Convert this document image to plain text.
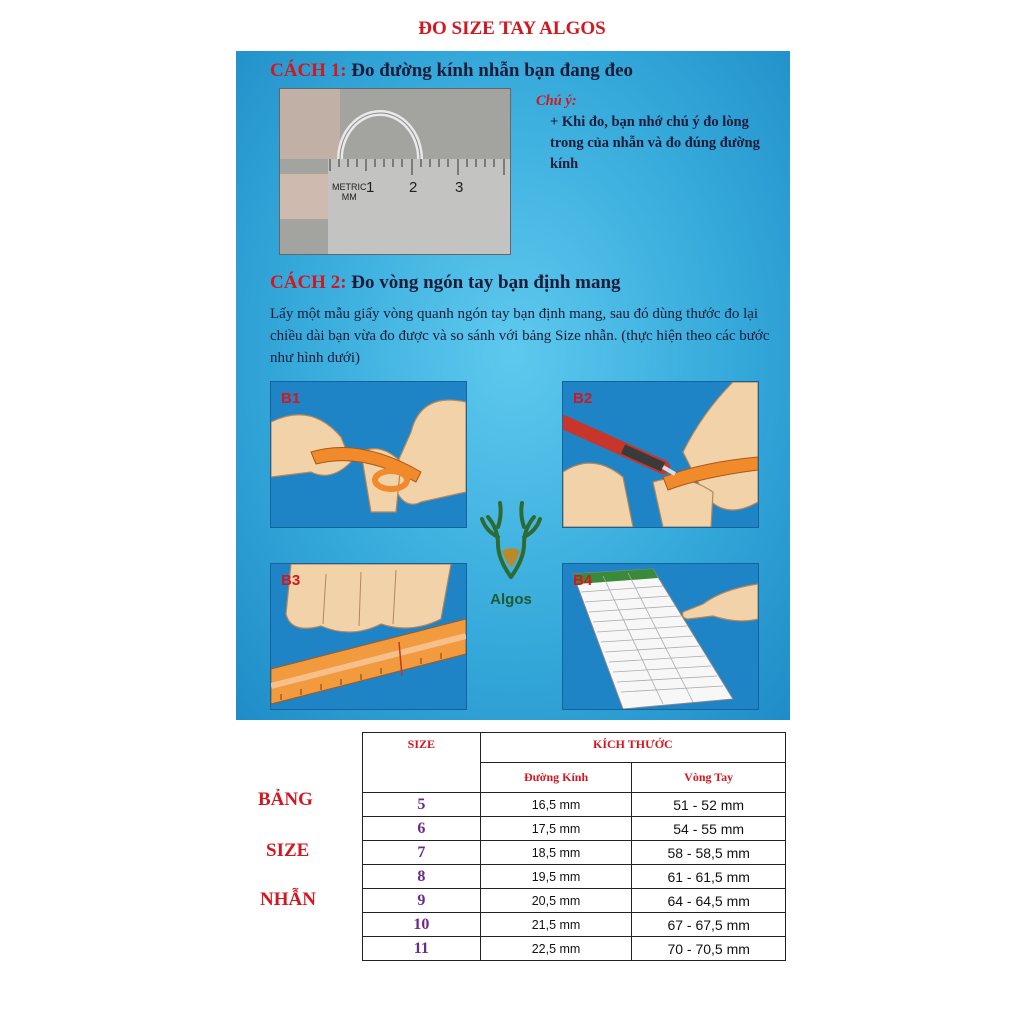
ĐO SIZE TAY ALGOS
CÁCH 1: Đo đường kính nhẫn bạn đang đeo
METRIC
MM
1 2	3
Chú ý:
+ Khi đo, bạn nhớ chú ý đo lòng trong của nhẫn và đo đúng đường kính
CÁCH 2: Đo vòng ngón tay bạn định mang
Lấy một mẫu giấy vòng quanh ngón tay bạn định mang, sau đó dùng thước đo lại chiều dài bạn vừa đo được và so sánh với bảng Size nhẫn. (thực hiện theo các bước như hình dưới)
B1	B2
Algos
B3	B4
BẢNG
SIZE
NHẪN
SIZE	KÍCH THƯỚC	
	Đường Kính	Vòng Tay
5	16,5 mm	51 - 52 mm
6	17,5 mm	54 - 55 mm
7	18,5 mm	58 - 58,5 mm
8	19,5 mm	61 - 61,5 mm
9	20,5 mm	64 - 64,5 mm
10	21,5 mm	67 - 67,5 mm
11	22,5 mm	70 - 70,5 mm
